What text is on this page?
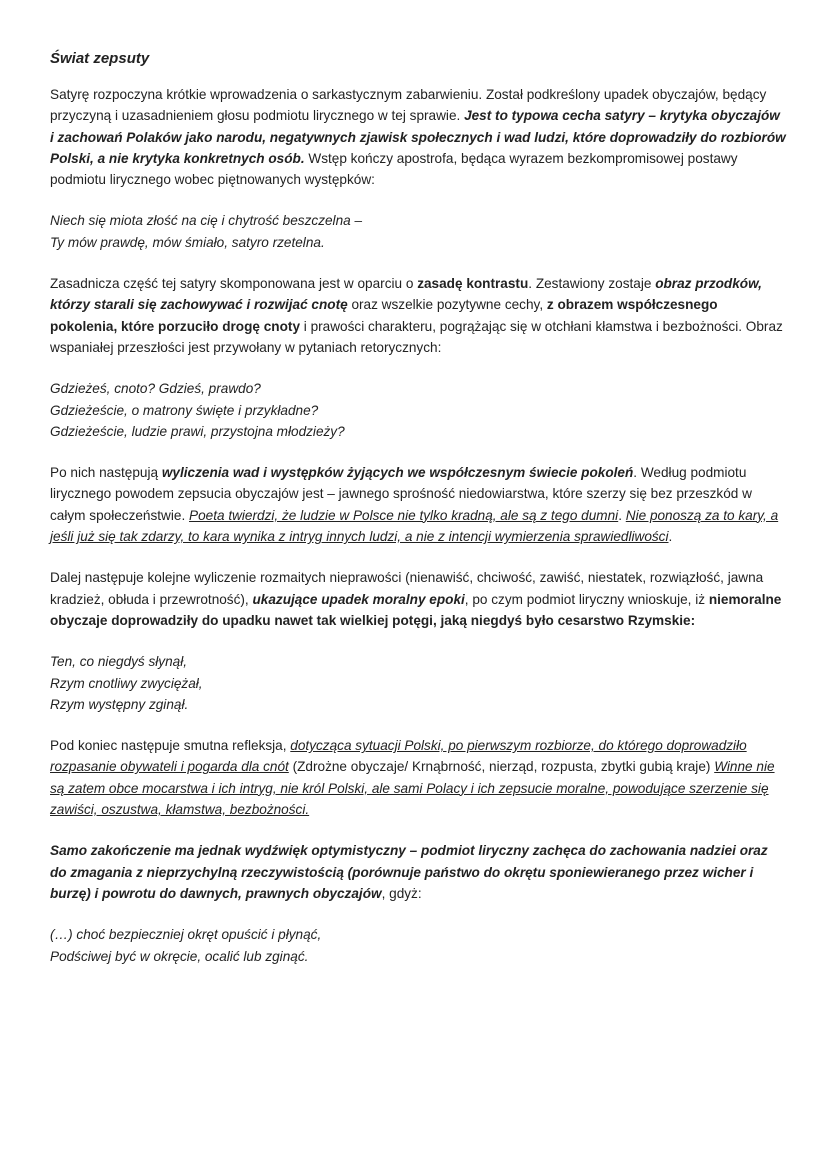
Świat zepsuty

Satyrę rozpoczyna krótkie wprowadzenia o sarkastycznym zabarwieniu. Został podkreślony upadek obyczajów, będący przyczyną i uzasadnieniem głosu podmiotu lirycznego w tej sprawie. Jest to typowa cecha satyry – krytyka obyczajów i zachowań Polaków jako narodu, negatywnych zjawisk społecznych i wad ludzi, które doprowadziły do rozbiorów Polski, a nie krytyka konkretnych osób. Wstęp kończy apostrofa, będąca wyrazem bezkompromisowej postawy podmiotu lirycznego wobec piętnowanych występków:

Niech się miota złość na cię i chytrość beszczelna –
Ty mów prawdę, mów śmiało, satyro rzetelna.

Zasadnicza część tej satyry skomponowana jest w oparciu o zasadę kontrastu. Zestawiony zostaje obraz przodków, którzy starali się zachowywać i rozwijać cnotę oraz wszelkie pozytywne cechy, z obrazem współczesnego pokolenia, które porzuciło drogę cnoty i prawości charakteru, pogrążając się w otchłani kłamstwa i bezbożności. Obraz wspaniałej przeszłości jest przywołany w pytaniach retorycznych:

Gdzieżeś, cnoto? Gdzieś, prawdo?
Gdzieżeście, o matrony święte i przykładne?
Gdzieżeście, ludzie prawi, przystojna młodzieży?

Po nich następują wyliczenia wad i występków żyjących we współczesnym świecie pokoleń. Według podmiotu lirycznego powodem zepsucia obyczajów jest – jawnego sprośność niedowiarstwa, które szerzy się bez przeszkód w całym społeczeństwie. Poeta twierdzi, że ludzie w Polsce nie tylko kradną, ale są z tego dumni. Nie ponoszą za to kary, a jeśli już się tak zdarzy, to kara wynika z intryg innych ludzi, a nie z intencji wymierzenia sprawiedliwości.

Dalej następuje kolejne wyliczenie rozmaitych nieprawości (nienawiść, chciwość, zawiść, niestatek, rozwiązłość, jawna kradzież, obłuda i przewrotność), ukazujące upadek moralny epoki, po czym podmiot liryczny wnioskuje, iż niemoralne obyczaje doprowadziły do upadku nawet tak wielkiej potęgi, jaką niegdyś było cesarstwo Rzymskie:

Ten, co niegdyś słynął,
Rzym cnotliwy zwyciężał,
Rzym występny zginął.

Pod koniec następuje smutna refleksja, dotycząca sytuacji Polski, po pierwszym rozbiorze, do którego doprowadziło rozpasanie obywateli i pogarda dla cnót (Zdrożne obyczaje/ Krnąbrność, nierząd, rozpusta, zbytki gubią kraje) Winne nie są zatem obce mocarstwa i ich intryg, nie król Polski, ale sami Polacy i ich zepsucie moralne, powodujące szerzenie się zawiści, oszustwa, kłamstwa, bezbożności.

Samo zakończenie ma jednak wydźwięk optymistyczny – podmiot liryczny zachęca do zachowania nadziei oraz do zmagania z nieprzychylną rzeczywistością (porównuje państwo do okrętu sponiewieranego przez wicher i burzę) i powrotu do dawnych, prawnych obyczajów, gdyż:

(…) choć bezpieczniej okręt opuścić i płynąć,
Podściwej być w okręcie, ocalić lub zginąć.
